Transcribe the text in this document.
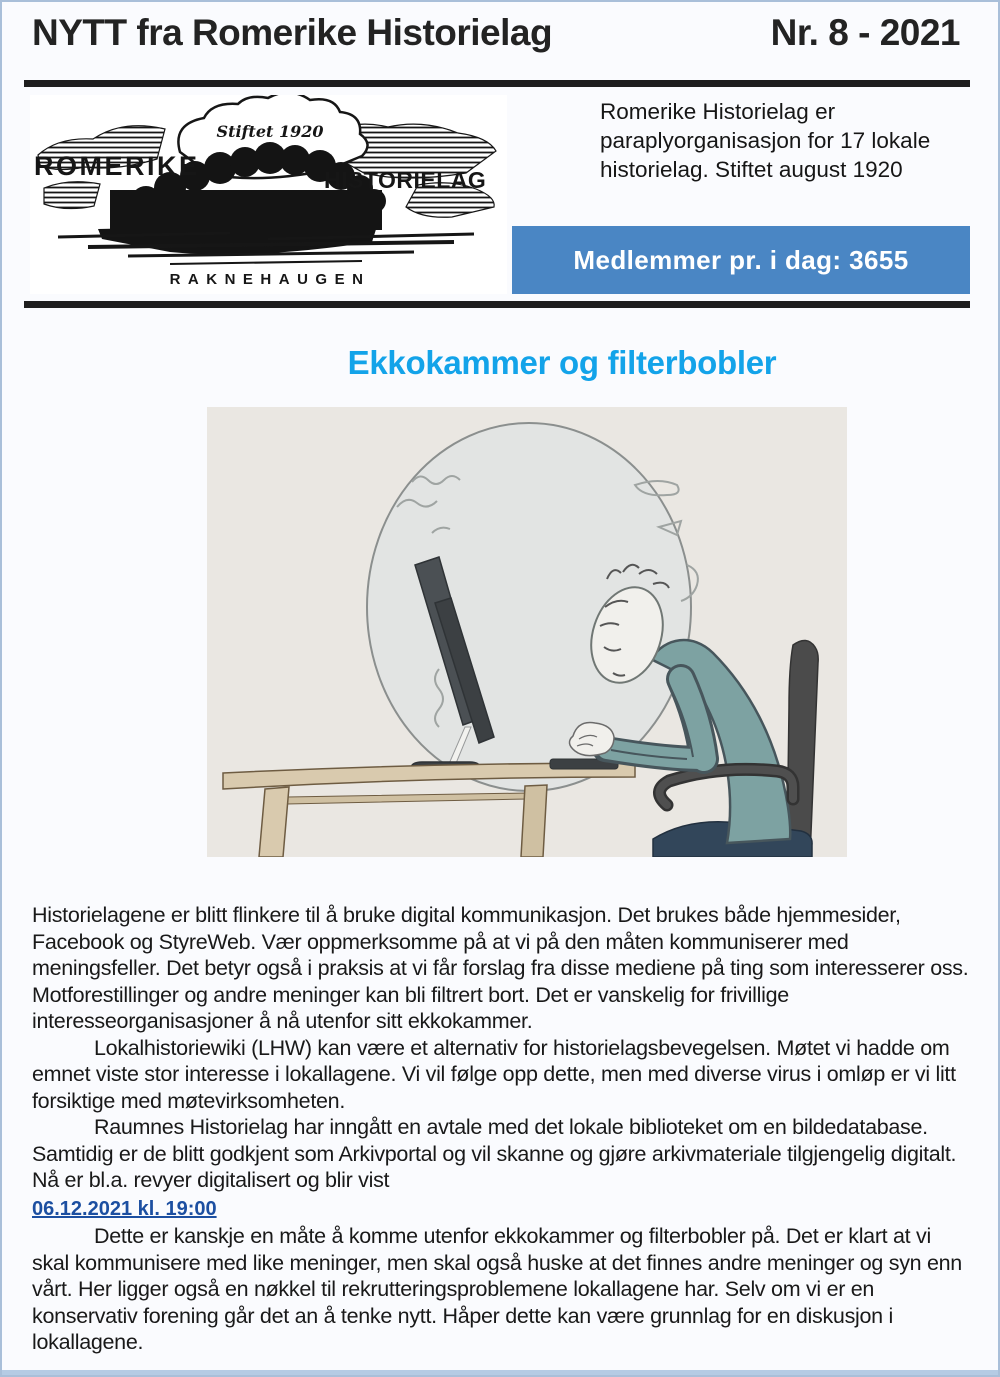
NYTT fra Romerike Historielag	Nr. 8 - 2021
Stiftet 1920
ROMERIKE	HISTORIELAG
RAKNEHAUGEN
Romerike Historielag er paraplyorganisasjon for 17 lokale historielag. Stiftet august 1920
Medlemmer pr. i dag: 3655
Ekkokammer og filterbobler

Historielagene er blitt flinkere til å bruke digital kommunikasjon. Det brukes både hjemmesider, Facebook og StyreWeb. Vær oppmerksomme på at vi på den måten kommuniserer med meningsfeller. Det betyr også i praksis at vi får forslag fra disse mediene på ting som interesserer oss. Motforestillinger og andre meninger kan bli filtrert bort. Det er vanskelig for frivillige interesseorganisasjoner å nå utenfor sitt ekkokammer.

Lokalhistoriewiki (LHW) kan være et alternativ for historielagsbevegelsen. Møtet vi hadde om emnet viste stor interesse i lokallagene. Vi vil følge opp dette, men med diverse virus i omløp er vi litt forsiktige med møtevirksomheten.

Raumnes Historielag har inngått en avtale med det lokale biblioteket om en bildedatabase. Samtidig er de blitt godkjent som Arkivportal og vil skanne og gjøre arkivmateriale tilgjengelig digitalt. Nå er bl.a. revyer digitalisert og blir vist

06.12.2021 kl. 19:00

Dette er kanskje en måte å komme utenfor ekkokammer og filterbobler på. Det er klart at vi skal kommunisere med like meninger, men skal også huske at det finnes andre meninger og syn enn vårt. Her ligger også en nøkkel til rekrutteringsproblemene lokallagene har. Selv om vi er en konservativ forening går det an å tenke nytt. Håper dette kan være grunnlag for en diskusjon i lokallagene.
